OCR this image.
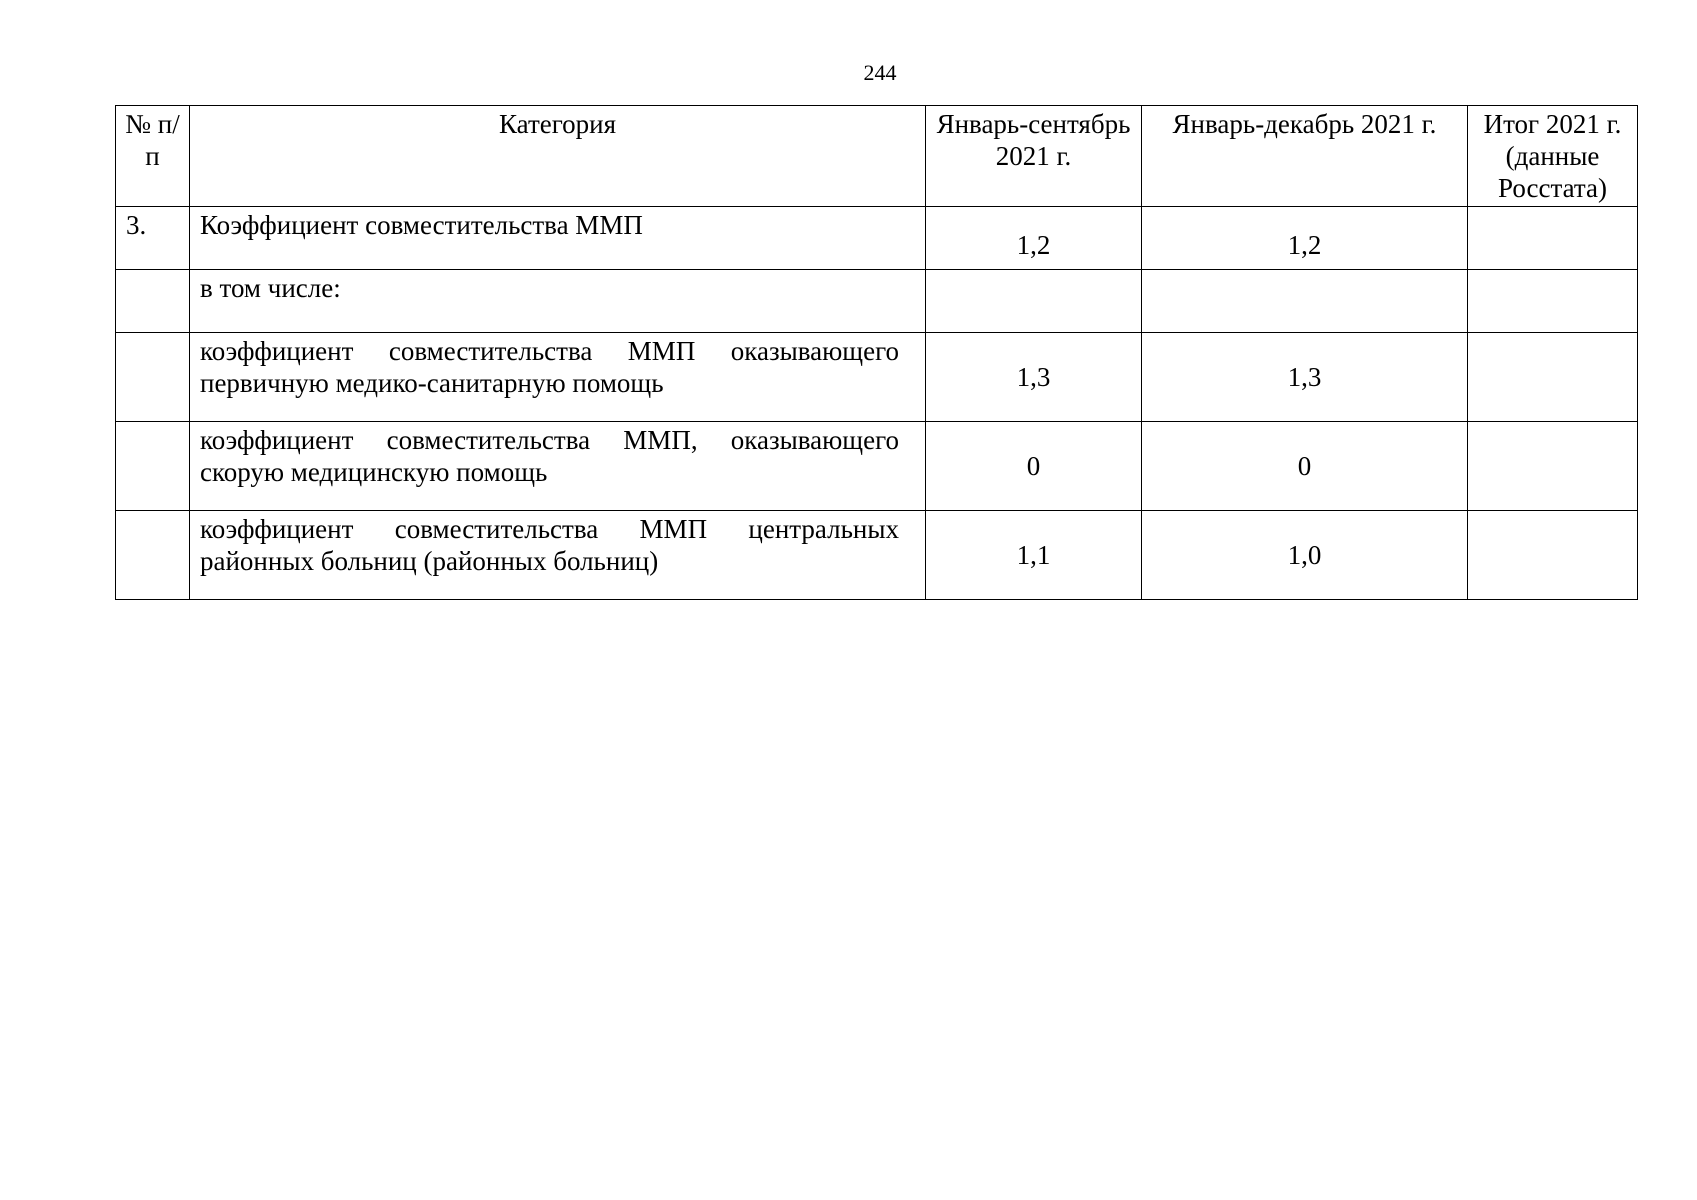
244
№ п/п	Категория	Январь-сентябрь 2021 г.	Январь-декабрь 2021 г.	Итог 2021 г. (данные Росстата)
3.	Коэффициент совместительства ММП	1,2	1,2	
	в том числе:			
	коэффициент совместительства ММП оказывающего первичную медико-санитарную помощь	1,3	1,3	
	коэффициент совместительства ММП, оказывающего скорую медицинскую помощь	0	0	
	коэффициент совместительства ММП центральных районных больниц (районных больниц)	1,1	1,0	
